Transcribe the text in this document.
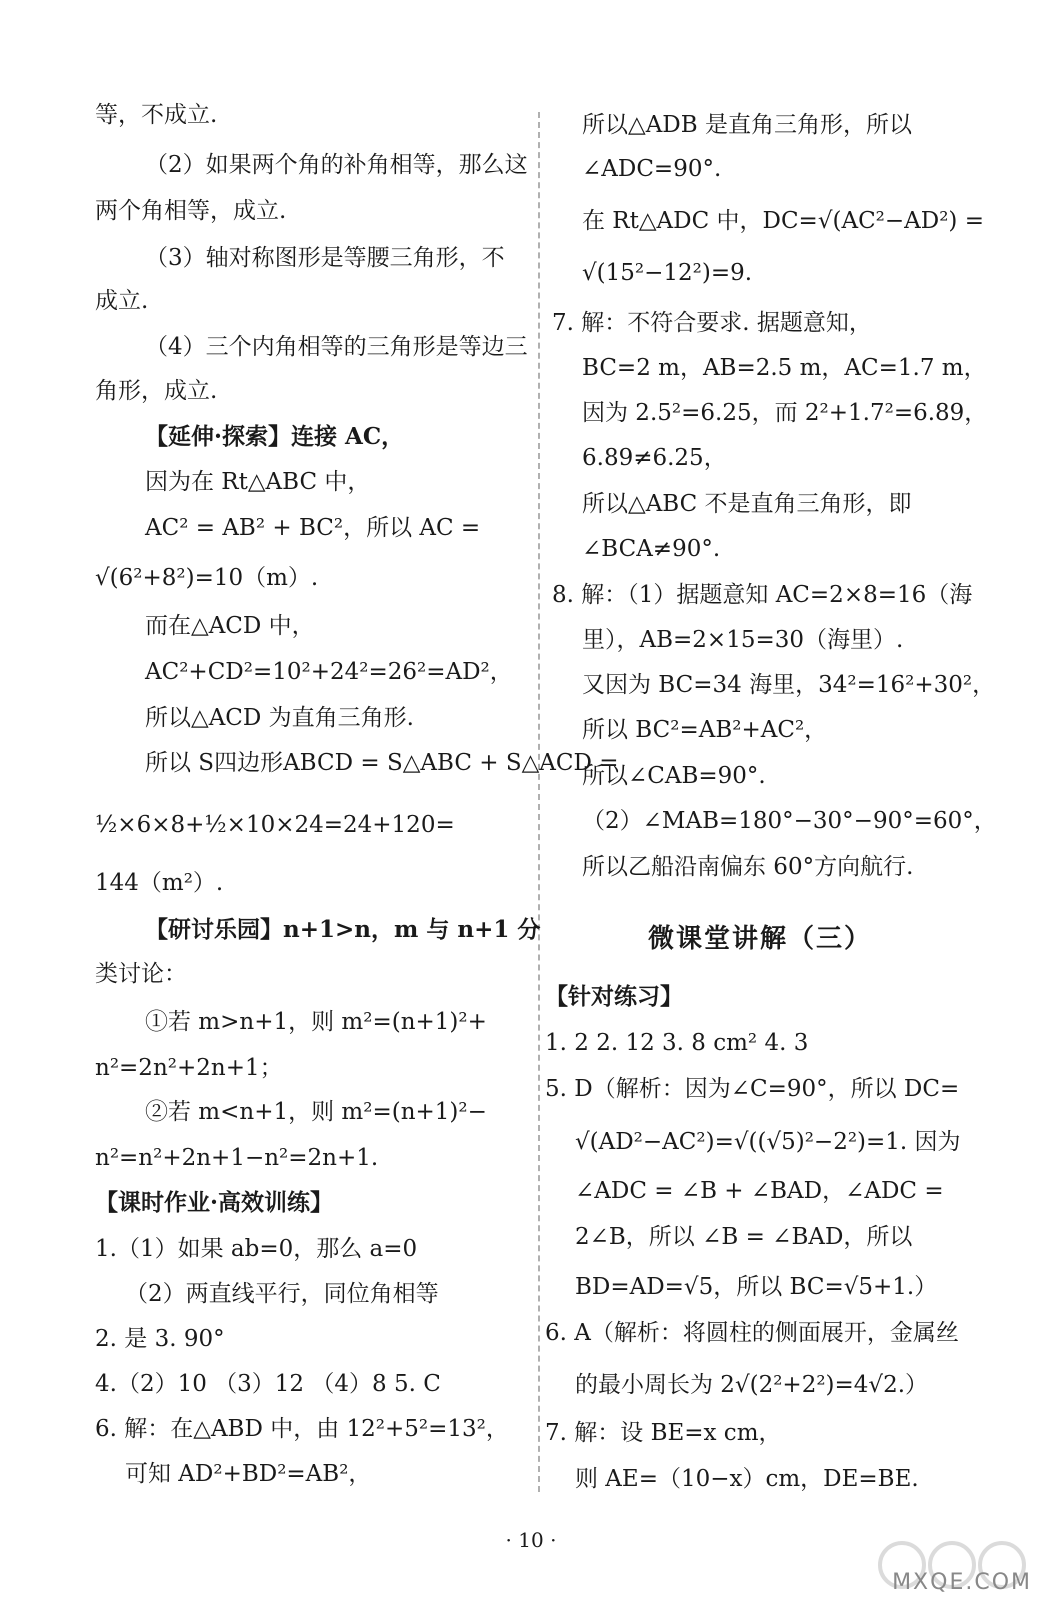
等，不成立.
（2）如果两个角的补角相等，那么这
两个角相等，成立.
（3）轴对称图形是等腰三角形，不
成立.
（4）三个内角相等的三角形是等边三
角形，成立.
【延伸·探索】连接 AC，
因为在 Rt△ABC 中，
AC² = AB² + BC²，所以 AC =
√(6²+8²)=10（m）.
而在△ACD 中，
AC²+CD²=10²+24²=26²=AD²，
所以△ACD 为直角三角形.
所以 S四边形ABCD = S△ABC + S△ACD =
½×6×8+½×10×24=24+120=
144（m²）.
【研讨乐园】n+1>n，m 与 n+1 分
类讨论：
①若 m>n+1，则 m²=(n+1)²+
n²=2n²+2n+1；
②若 m<n+1，则 m²=(n+1)²−
n²=n²+2n+1−n²=2n+1.
【课时作业·高效训练】
1.（1）如果 ab=0，那么 a=0
（2）两直线平行，同位角相等
2. 是 3. 90°
4.（2）10 （3）12 （4）8 5. C
6. 解：在△ABD 中，由 12²+5²=13²，
可知 AD²+BD²=AB²，
所以△ADB 是直角三角形，所以
∠ADC=90°.
在 Rt△ADC 中，DC=√(AC²−AD²) =
√(15²−12²)=9.
7. 解：不符合要求. 据题意知，
BC=2 m，AB=2.5 m，AC=1.7 m，
因为 2.5²=6.25，而 2²+1.7²=6.89，
6.89≠6.25，
所以△ABC 不是直角三角形，即
∠BCA≠90°.
8. 解：（1）据题意知 AC=2×8=16（海
里），AB=2×15=30（海里）.
又因为 BC=34 海里，34²=16²+30²，
所以 BC²=AB²+AC²，
所以∠CAB=90°.
（2）∠MAB=180°−30°−90°=60°，
所以乙船沿南偏东 60°方向航行.
微课堂讲解（三）
【针对练习】
1. 2 2. 12 3. 8 cm² 4. 3
5. D（解析：因为∠C=90°，所以 DC=
√(AD²−AC²)=√((√5)²−2²)=1. 因为
∠ADC = ∠B + ∠BAD，∠ADC =
2∠B，所以 ∠B = ∠BAD，所以
BD=AD=√5，所以 BC=√5+1.）
6. A（解析：将圆柱的侧面展开，金属丝
的最小周长为 2√(2²+2²)=4√2.）
7. 解：设 BE=x cm，
则 AE=（10−x）cm，DE=BE.
· 10 ·
MXQE.COM
